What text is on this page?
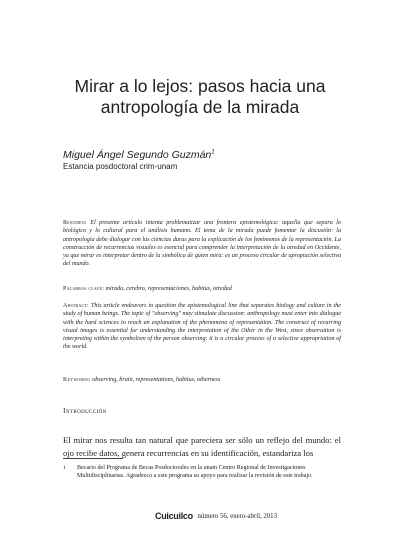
Mirar a lo lejos: pasos hacia una
antropología de la mirada
Miguel Ángel Segundo Guzmán$^1$
Estancia posdoctoral crim-unam

Resumen: El presente artículo intenta problematizar una frontera epistemológica: aquella que separa lo biológico y lo cultural para el análisis humano. El tema de la mirada puede fomentar la discusión: la antropología debe dialogar con las ciencias duras para la explicación de los fenómenos de la representación. La construcción de recurrencias visuales es esencial para comprender la interpretación de la otredad en Occidente, ya que mirar es interpretar dentro de la simbólica de quien mira: es un proceso circular de apropiación selectiva del mundo.

Palabras clave: mirada, cerebro, representaciones, habitus, otredad

Abstract: This article endeavors to question the epistemological line that separates biology and culture in the study of human beings. The topic of "observing" may stimulate discussion: anthropology must enter into dialogue with the hard sciences to reach an explanation of the phenomena of representation. The construct of recurring visual images is essential for understanding the interpretation of the Other in the West, since observation is interpreting within the symbolism of the person observing: it is a circular process of a selective appropriation of the world.

Keywords: observing, brain, representations, habitus, otherness

Introducción

El mirar nos resulta tan natural que pareciera ser sólo un reflejo del mundo: el ojo recibe datos, genera recurrencias en su identificación, estandariza los

1 Becario del Programa de Becas Posdoctorales en la unam Centro Regional de Investigaciones Multidisciplinarias. Agradezco a este programa su apoyo para realizar la revisión de este trabajo.
Cuicuilco número 56, enero-abril, 2013
